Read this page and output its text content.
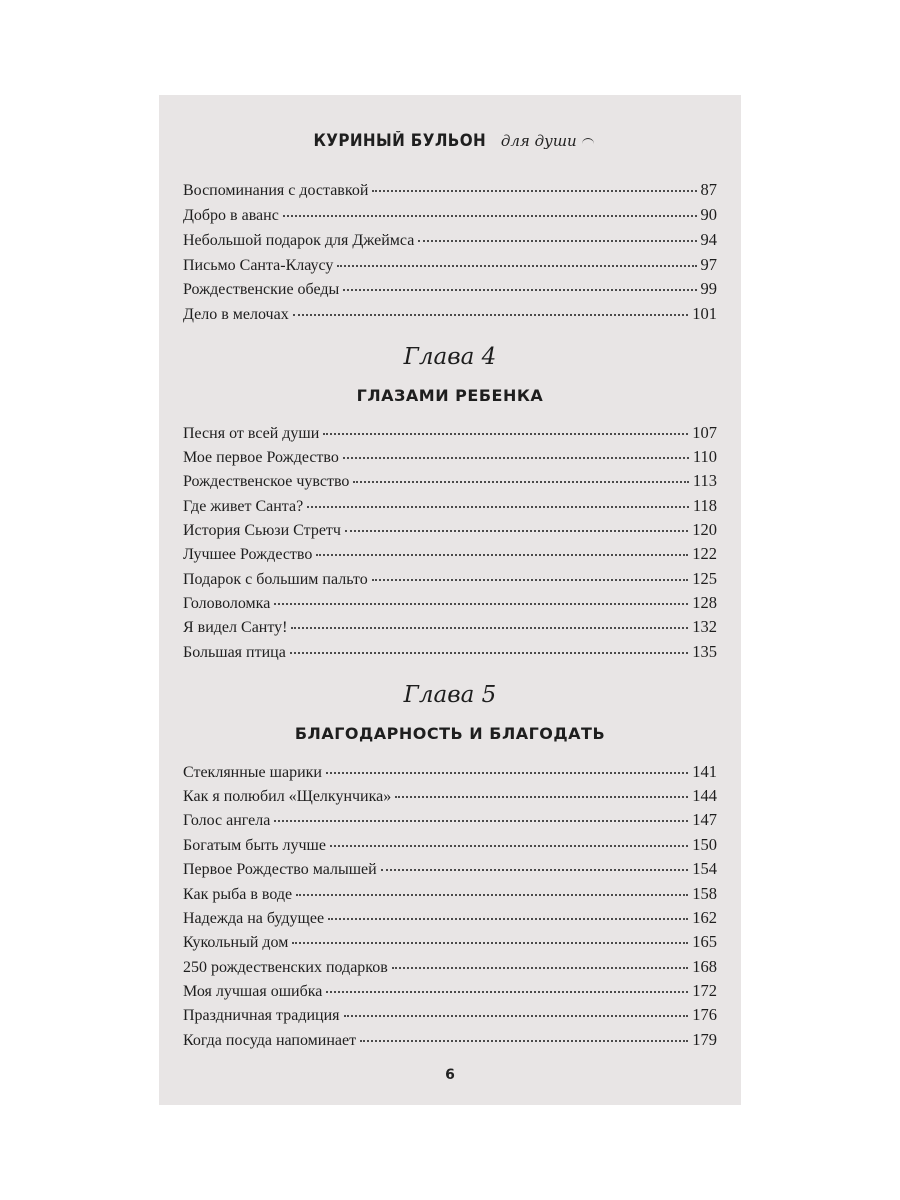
КУРИНЫЙ БУЛЬОН для души
Воспоминания с доставкой	87
Добро в аванс	90
Небольшой подарок для Джеймса	94
Письмо Санта-Клаусу	97
Рождественские обеды	99
Дело в мелочах	101
Глава 4
ГЛАЗАМИ РЕБЕНКА
Песня от всей души	107
Мое первое Рождество	110
Рождественское чувство	113
Где живет Санта?	118
История Сьюзи Стретч	120
Лучшее Рождество	122
Подарок с большим пальто	125
Головоломка	128
Я видел Санту!	132
Большая птица	135
Глава 5
БЛАГОДАРНОСТЬ И БЛАГОДАТЬ
Стеклянные шарики	141
Как я полюбил «Щелкунчика»	144
Голос ангела	147
Богатым быть лучше	150
Первое Рождество малышей	154
Как рыба в воде	158
Надежда на будущее	162
Кукольный дом	165
250 рождественских подарков	168
Моя лучшая ошибка	172
Праздничная традиция	176
Когда посуда напоминает	179
6
